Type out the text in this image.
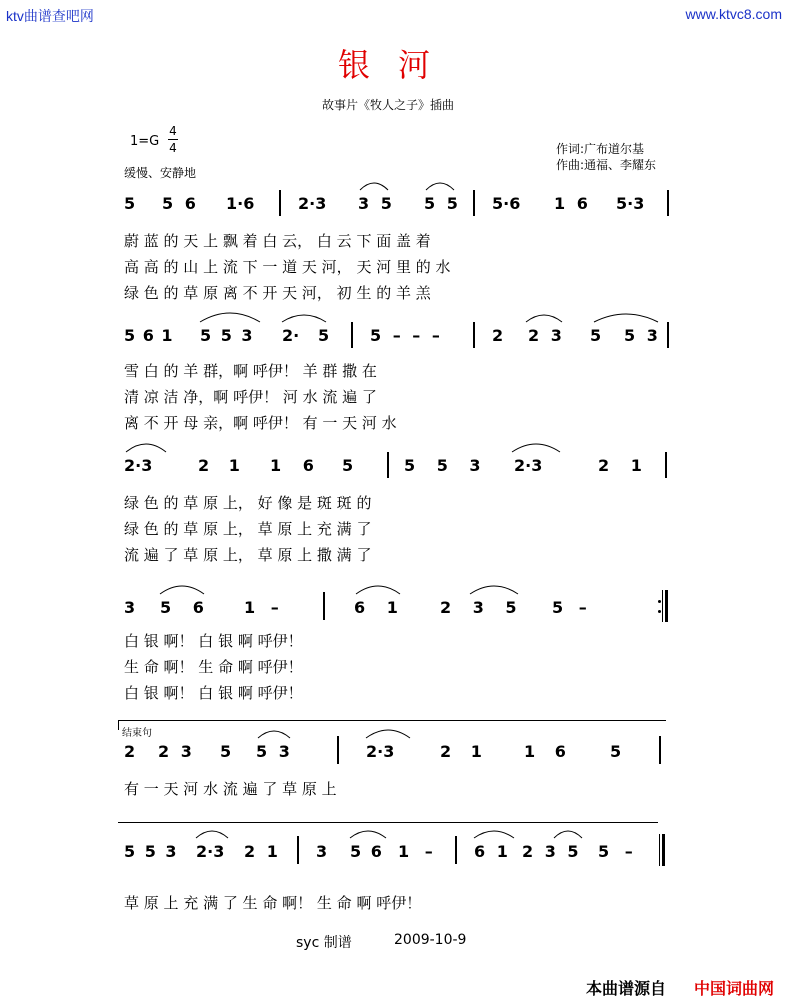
ktv曲谱查吧网	www.ktvc8.com
银河
故事片《牧人之子》插曲
1=G
4
4
缓慢、安静地
作词:广布道尔基
作曲:通福、李耀东
5 5 6 1·6	2·3 3 5 5 5 5·6 1 6 5·3
蔚 蓝 的 天 上 飘 着 白 云， 白 云 下 面 盖 着
高 高 的 山 上 流 下 一 道 天 河， 天 河 里 的 水
绿 色 的 草 原 离 不 开 天 河， 初 生 的 羊 羔
5 6 1 5 5 3 2· 5	5 – – –	2 2 3 5 5 3
雪 白 的 羊 群，啊 呼伊！ 羊 群 撒 在
清 凉 洁 净，啊 呼伊！ 河 水 流 遍 了
离 不 开 母 亲，啊 呼伊！ 有 一 天 河 水
2·3	2 1 1 6 5	5 5 3 2·3	2 1
绿 色 的 草 原 上， 好 像 是 斑 斑 的
绿 色 的 草 原 上， 草 原 上 充 满 了
流 遍 了 草 原 上， 草 原 上 撒 满 了
3 5 6	1 –	6 1	2 3 5 5 –
白 银 啊！ 白 银 啊 呼伊！
生 命 啊！ 生 命 啊 呼伊！
白 银 啊！ 白 银 啊 呼伊！
结束句
2 2 3 5 5 3	2·3	2 1	1 6	5
有 一 天 河 水 流 遍 了 草 原 上
5 5 3 2·3 2 1 3 5 6 1 –	6 1 2 3 5 5 –
草 原 上 充 满 了 生 命 啊！ 生 命 啊 呼伊！
syc 制谱	2009-10-9
本曲谱源自 中国词曲网
